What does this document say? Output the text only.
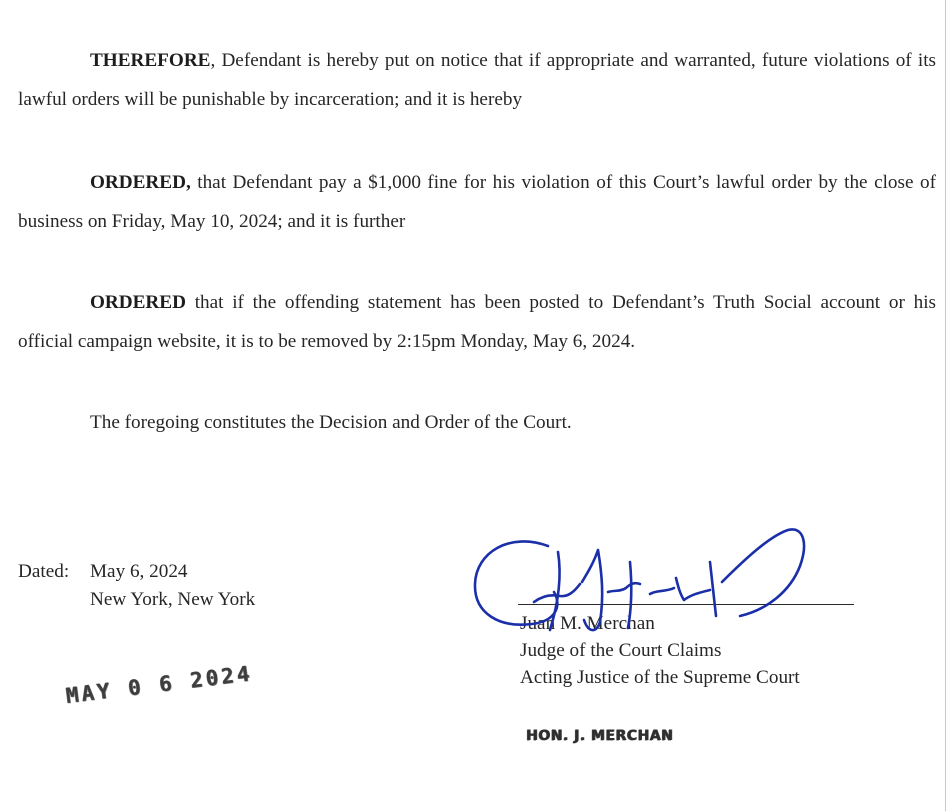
THEREFORE, Defendant is hereby put on notice that if appropriate and warranted, future violations of its lawful orders will be punishable by incarceration; and it is hereby

ORDERED, that Defendant pay a $1,000 fine for his violation of this Court’s lawful order by the close of business on Friday, May 10, 2024; and it is further

ORDERED that if the offending statement has been posted to Defendant’s Truth Social account or his official campaign website, it is to be removed by 2:15pm Monday, May 6, 2024.

The foregoing constitutes the Decision and Order of the Court.

Dated: May 6, 2024
New York, New York
Juan M. Merchan
Judge of the Court Claims
Acting Justice of the Supreme Court
MAY 0 6 2024
HON. J. MERCHAN
